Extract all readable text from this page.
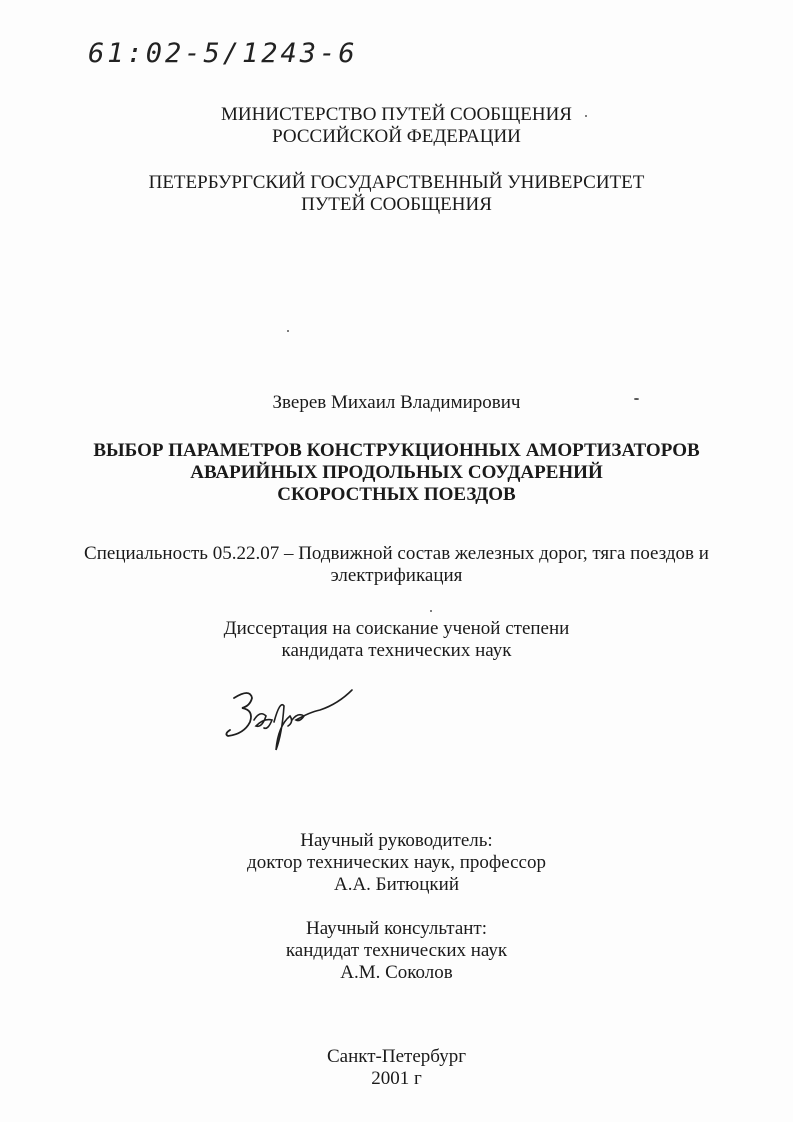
61:02-5/1243-6
МИНИСТЕРСТВО ПУТЕЙ СООБЩЕНИЯ
РОССИЙСКОЙ ФЕДЕРАЦИИ
ПЕТЕРБУРГСКИЙ ГОСУДАРСТВЕННЫЙ УНИВЕРСИТЕТ
ПУТЕЙ СООБЩЕНИЯ
Зверев Михаил Владимирович
ВЫБОР ПАРАМЕТРОВ КОНСТРУКЦИОННЫХ АМОРТИЗАТОРОВ
АВАРИЙНЫХ ПРОДОЛЬНЫХ СОУДАРЕНИЙ
СКОРОСТНЫХ ПОЕЗДОВ
Специальность 05.22.07 – Подвижной состав железных дорог, тяга поездов и
электрификация
Диссертация на соискание ученой степени
кандидата технических наук
Научный руководитель:
доктор технических наук, профессор
А.А. Битюцкий
Научный консультант:
кандидат технических наук
А.М. Соколов
Санкт-Петербург
2001 г
